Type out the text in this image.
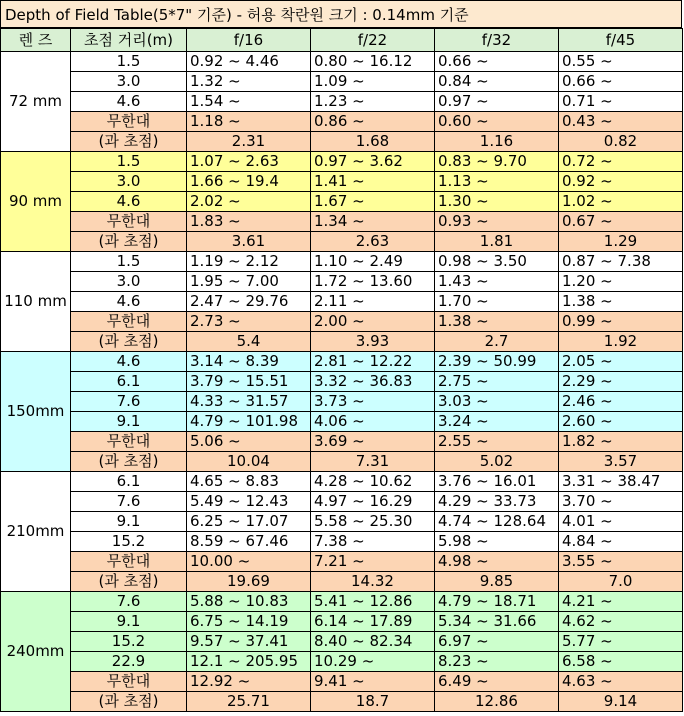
Depth of Field Table(5*7" 기준) - 허용 착란원 크기 : 0.14mm 기준
렌 즈	초점 거리(m)	f/16	f/22	f/32	f/45
72 mm	1.5	0.92 ~ 4.46	0.80 ~ 16.12	0.66 ~	0.55 ~
	3.0	1.32 ~	1.09 ~	0.84 ~	0.66 ~
	4.6	1.54 ~	1.23 ~	0.97 ~	0.71 ~
	무한대	1.18 ~	0.86 ~	0.60 ~	0.43 ~
	(과 초점)	2.31	1.68	1.16	0.82
90 mm	1.5	1.07 ~ 2.63	0.97 ~ 3.62	0.83 ~ 9.70	0.72 ~
	3.0	1.66 ~ 19.4	1.41 ~	1.13 ~	0.92 ~
	4.6	2.02 ~	1.67 ~	1.30 ~	1.02 ~
	무한대	1.83 ~	1.34 ~	0.93 ~	0.67 ~
	(과 초점)	3.61	2.63	1.81	1.29
110 mm	1.5	1.19 ~ 2.12	1.10 ~ 2.49	0.98 ~ 3.50	0.87 ~ 7.38
	3.0	1.95 ~ 7.00	1.72 ~ 13.60	1.43 ~	1.20 ~
	4.6	2.47 ~ 29.76	2.11 ~	1.70 ~	1.38 ~
	무한대	2.73 ~	2.00 ~	1.38 ~	0.99 ~
	(과 초점)	5.4	3.93	2.7	1.92
150mm	4.6	3.14 ~ 8.39	2.81 ~ 12.22	2.39 ~ 50.99	2.05 ~
	6.1	3.79 ~ 15.51	3.32 ~ 36.83	2.75 ~	2.29 ~
	7.6	4.33 ~ 31.57	3.73 ~	3.03 ~	2.46 ~
	9.1	4.79 ~ 101.98	4.06 ~	3.24 ~	2.60 ~
	무한대	5.06 ~	3.69 ~	2.55 ~	1.82 ~
	(과 초점)	10.04	7.31	5.02	3.57
210mm	6.1	4.65 ~ 8.83	4.28 ~ 10.62	3.76 ~ 16.01	3.31 ~ 38.47
	7.6	5.49 ~ 12.43	4.97 ~ 16.29	4.29 ~ 33.73	3.70 ~
	9.1	6.25 ~ 17.07	5.58 ~ 25.30	4.74 ~ 128.64	4.01 ~
	15.2	8.59 ~ 67.46	7.38 ~	5.98 ~	4.84 ~
	무한대	10.00 ~	7.21 ~	4.98 ~	3.55 ~
	(과 초점)	19.69	14.32	9.85	7.0
240mm	7.6	5.88 ~ 10.83	5.41 ~ 12.86	4.79 ~ 18.71	4.21 ~
	9.1	6.75 ~ 14.19	6.14 ~ 17.89	5.34 ~ 31.66	4.62 ~
	15.2	9.57 ~ 37.41	8.40 ~ 82.34	6.97 ~	5.77 ~
	22.9	12.1 ~ 205.95	10.29 ~	8.23 ~	6.58 ~
	무한대	12.92 ~	9.41 ~	6.49 ~	4.63 ~
	(과 초점)	25.71	18.7	12.86	9.14
